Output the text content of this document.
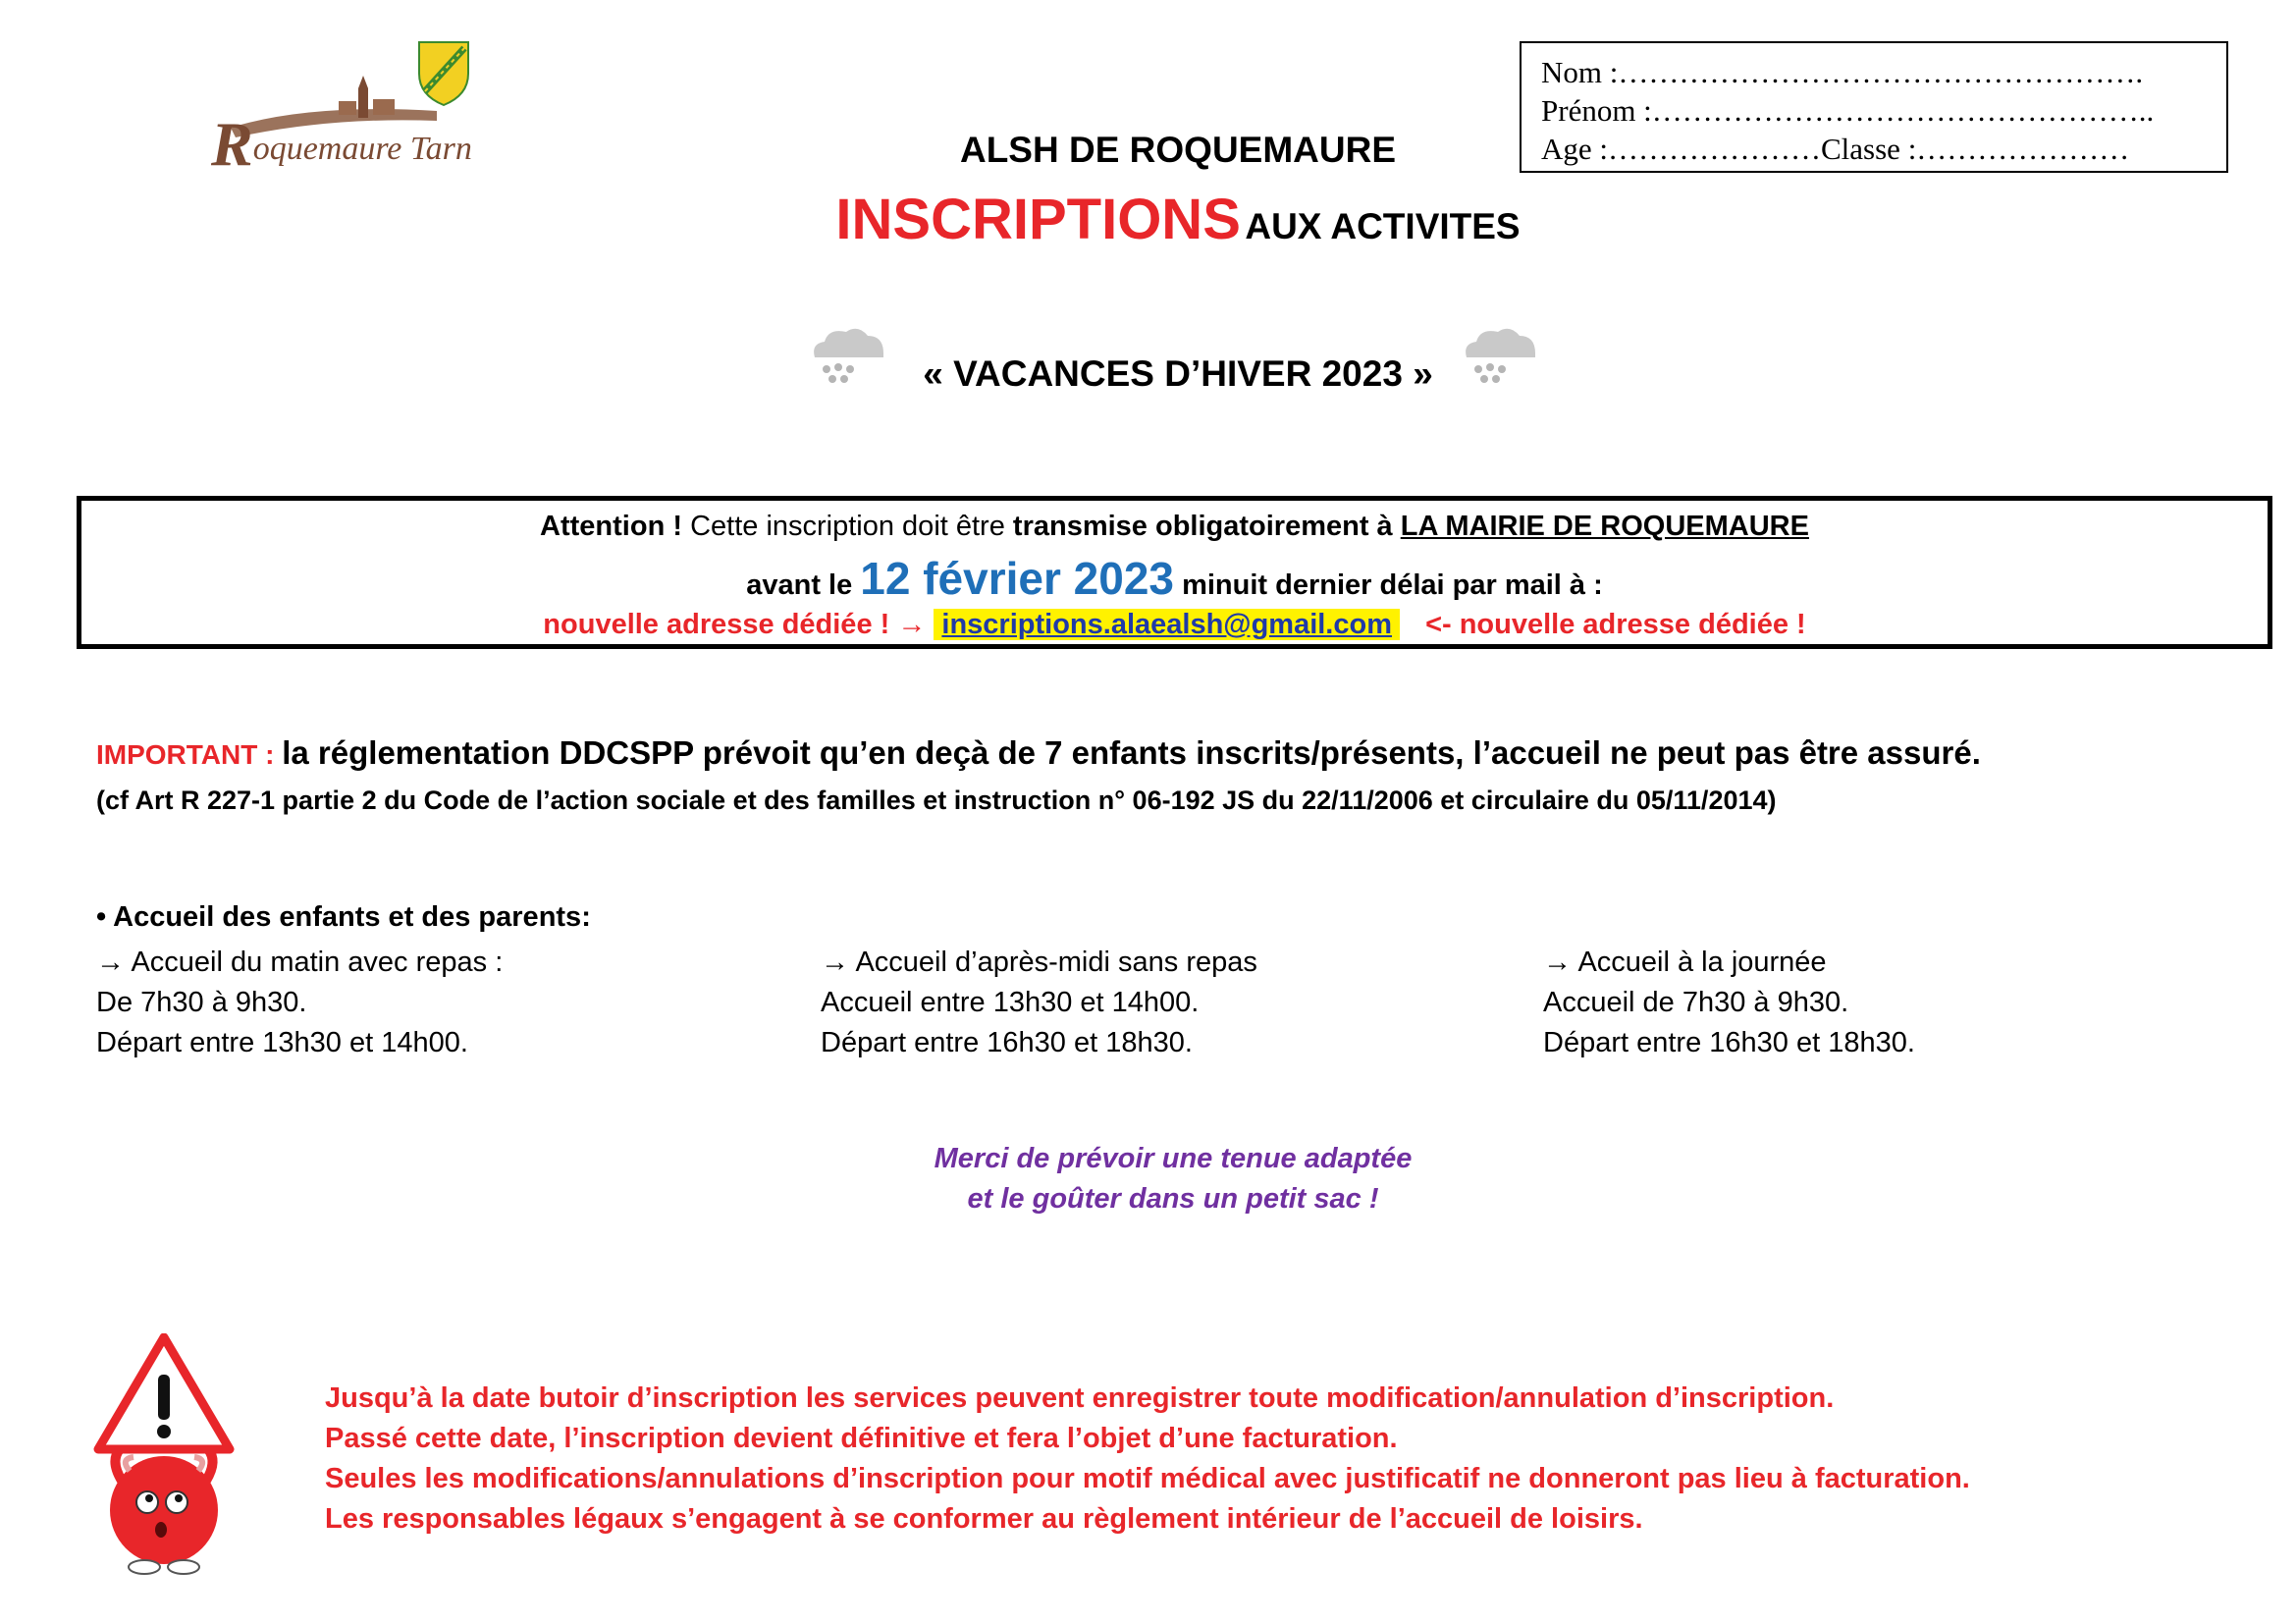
Roquemaure Tarn
Nom :…………………………………………….
Prénom :…………………………………………..
Age :…………………Classe :…………………
ALSH DE ROQUEMAURE
INSCRIPTIONS AUX ACTIVITES
« VACANCES D’HIVER 2023 »
Attention ! Cette inscription doit être transmise obligatoirement à LA MAIRIE DE ROQUEMAURE
avant le 12 février 2023 minuit dernier délai par mail à :
nouvelle adresse dédiée ! → inscriptions.alaealsh@gmail.com <- nouvelle adresse dédiée !
IMPORTANT : la réglementation DDCSPP prévoit qu’en deçà de 7 enfants inscrits/présents, l’accueil ne peut pas être assuré.
(cf Art R 227-1 partie 2 du Code de l’action sociale et des familles et instruction n° 06-192 JS du 22/11/2006 et circulaire du 05/11/2014)
• Accueil des enfants et des parents:
→ Accueil du matin avec repas :
De 7h30 à 9h30.
Départ entre 13h30 et 14h00.
→ Accueil d’après-midi sans repas
Accueil entre 13h30 et 14h00.
Départ entre 16h30 et 18h30.
→ Accueil à la journée
Accueil de 7h30 à 9h30.
Départ entre 16h30 et 18h30.
Merci de prévoir une tenue adaptée
et le goûter dans un petit sac !
Jusqu’à la date butoir d’inscription les services peuvent enregistrer toute modification/annulation d’inscription.
Passé cette date, l’inscription devient définitive et fera l’objet d’une facturation.
Seules les modifications/annulations d’inscription pour motif médical avec justificatif ne donneront pas lieu à facturation.
Les responsables légaux s’engagent à se conformer au règlement intérieur de l’accueil de loisirs.
